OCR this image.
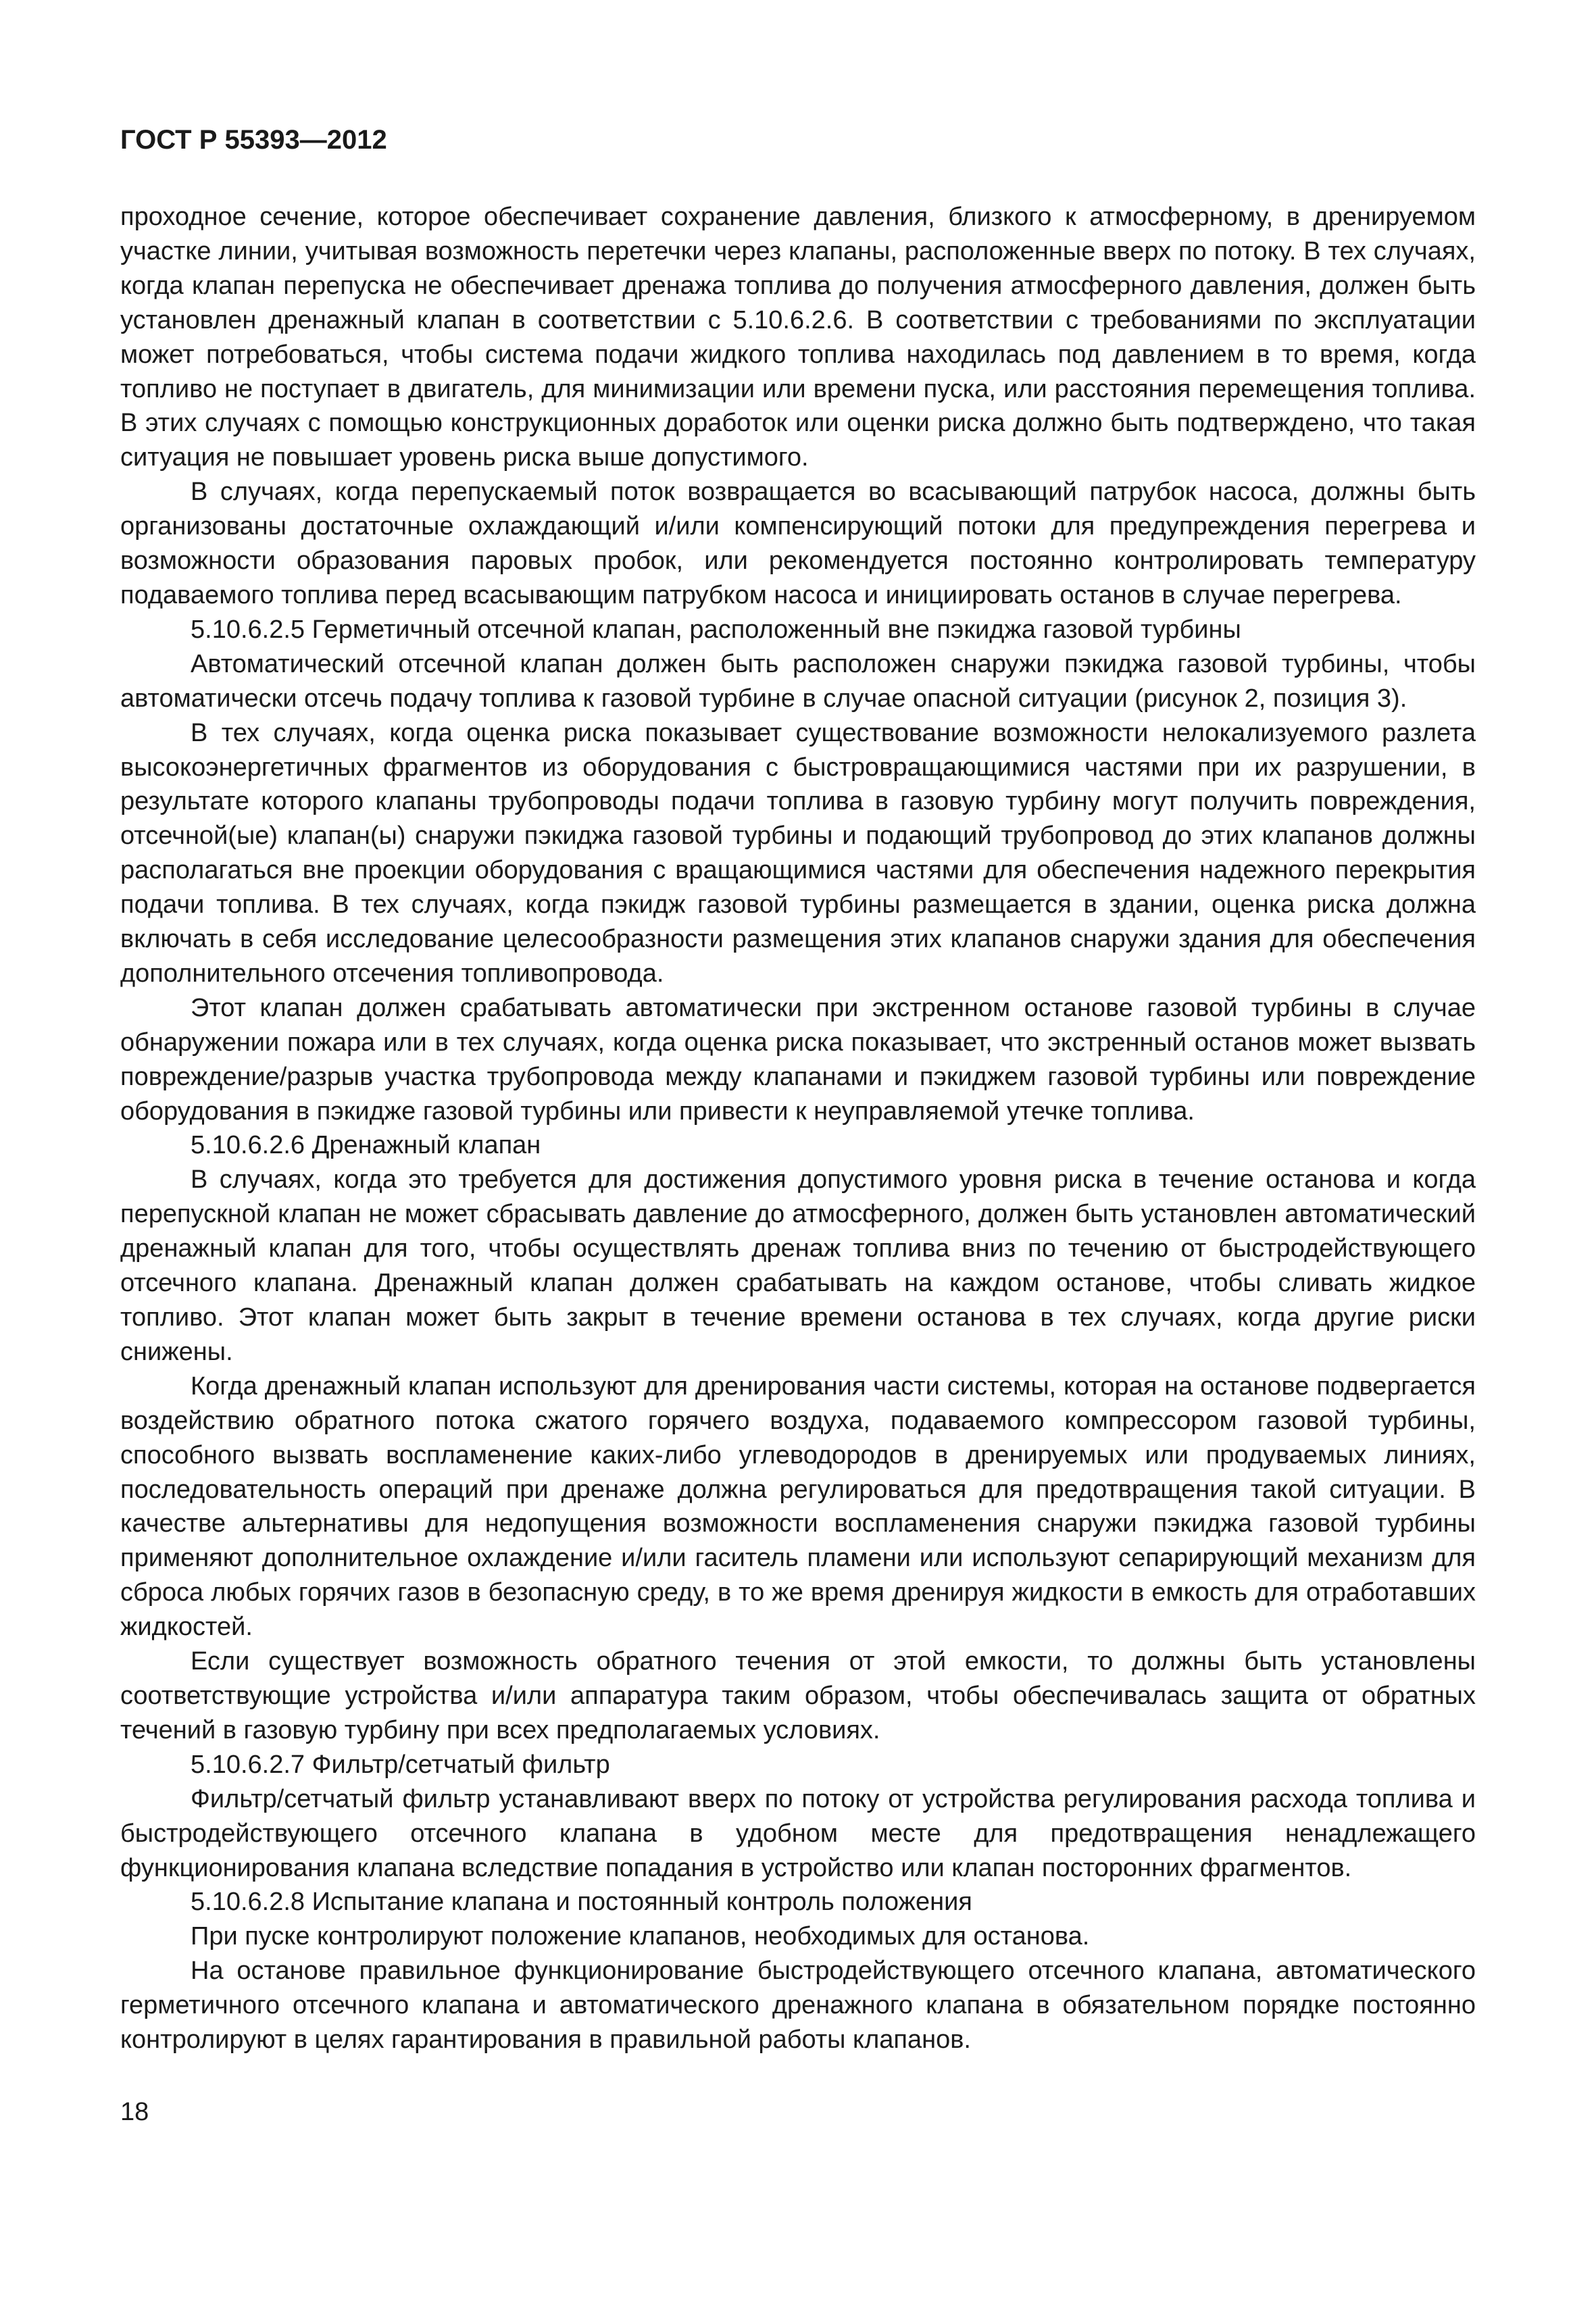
ГОСТ Р 55393—2012

проходное сечение, которое обеспечивает сохранение давления, близкого к атмосферному, в дренируемом участке линии, учитывая возможность перетечки через клапаны, расположенные вверх по потоку. В тех случаях, когда клапан перепуска не обеспечивает дренажа топлива до получения атмосферного давления, должен быть установлен дренажный клапан в соответствии с 5.10.6.2.6. В соответствии с требованиями по эксплуатации может потребоваться, чтобы система подачи жидкого топлива находилась под давлением в то время, когда топливо не поступает в двигатель, для минимизации или времени пуска, или расстояния перемещения топлива. В этих случаях с помощью конструкционных доработок или оценки риска должно быть подтверждено, что такая ситуация не повышает уровень риска выше допустимого.

В случаях, когда перепускаемый поток возвращается во всасывающий патрубок насоса, должны быть организованы достаточные охлаждающий и/или компенсирующий потоки для предупреждения перегрева и возможности образования паровых пробок, или рекомендуется постоянно контролировать температуру подаваемого топлива перед всасывающим патрубком насоса и инициировать останов в случае перегрева.

5.10.6.2.5 Герметичный отсечной клапан, расположенный вне пэкиджа газовой турбины

Автоматический отсечной клапан должен быть расположен снаружи пэкиджа газовой турбины, чтобы автоматически отсечь подачу топлива к газовой турбине в случае опасной ситуации (рисунок 2, позиция 3).

В тех случаях, когда оценка риска показывает существование возможности нелокализуемого разлета высокоэнергетичных фрагментов из оборудования с быстровращающимися частями при их разрушении, в результате которого клапаны трубопроводы подачи топлива в газовую турбину могут получить повреждения, отсечной(ые) клапан(ы) снаружи пэкиджа газовой турбины и подающий трубопровод до этих клапанов должны располагаться вне проекции оборудования с вращающимися частями для обеспечения надежного перекрытия подачи топлива. В тех случаях, когда пэкидж газовой турбины размещается в здании, оценка риска должна включать в себя исследование целесообразности размещения этих клапанов снаружи здания для обеспечения дополнительного отсечения топливопровода.

Этот клапан должен срабатывать автоматически при экстренном останове газовой турбины в случае обнаружении пожара или в тех случаях, когда оценка риска показывает, что экстренный останов может вызвать повреждение/разрыв участка трубопровода между клапанами и пэкиджем газовой турбины или повреждение оборудования в пэкидже газовой турбины или привести к неуправляемой утечке топлива.

5.10.6.2.6 Дренажный клапан

В случаях, когда это требуется для достижения допустимого уровня риска в течение останова и когда перепускной клапан не может сбрасывать давление до атмосферного, должен быть установлен автоматический дренажный клапан для того, чтобы осуществлять дренаж топлива вниз по течению от быстродействующего отсечного клапана. Дренажный клапан должен срабатывать на каждом останове, чтобы сливать жидкое топливо. Этот клапан может быть закрыт в течение времени останова в тех случаях, когда другие риски снижены.

Когда дренажный клапан используют для дренирования части системы, которая на останове подвергается воздействию обратного потока сжатого горячего воздуха, подаваемого компрессором газовой турбины, способного вызвать воспламенение каких-либо углеводородов в дренируемых или продуваемых линиях, последовательность операций при дренаже должна регулироваться для предотвращения такой ситуации. В качестве альтернативы для недопущения возможности воспламенения снаружи пэкиджа газовой турбины применяют дополнительное охлаждение и/или гаситель пламени или используют сепарирующий механизм для сброса любых горячих газов в безопасную среду, в то же время дренируя жидкости в емкость для отработавших жидкостей.

Если существует возможность обратного течения от этой емкости, то должны быть установлены соответствующие устройства и/или аппаратура таким образом, чтобы обеспечивалась защита от обратных течений в газовую турбину при всех предполагаемых условиях.

5.10.6.2.7 Фильтр/сетчатый фильтр

Фильтр/сетчатый фильтр устанавливают вверх по потоку от устройства регулирования расхода топлива и быстродействующего отсечного клапана в удобном месте для предотвращения ненадлежащего функционирования клапана вследствие попадания в устройство или клапан посторонних фрагментов.

5.10.6.2.8 Испытание клапана и постоянный контроль положения

При пуске контролируют положение клапанов, необходимых для останова.

На останове правильное функционирование быстродействующего отсечного клапана, автоматического герметичного отсечного клапана и автоматического дренажного клапана в обязательном порядке постоянно контролируют в целях гарантирования в правильной работы клапанов.

18
